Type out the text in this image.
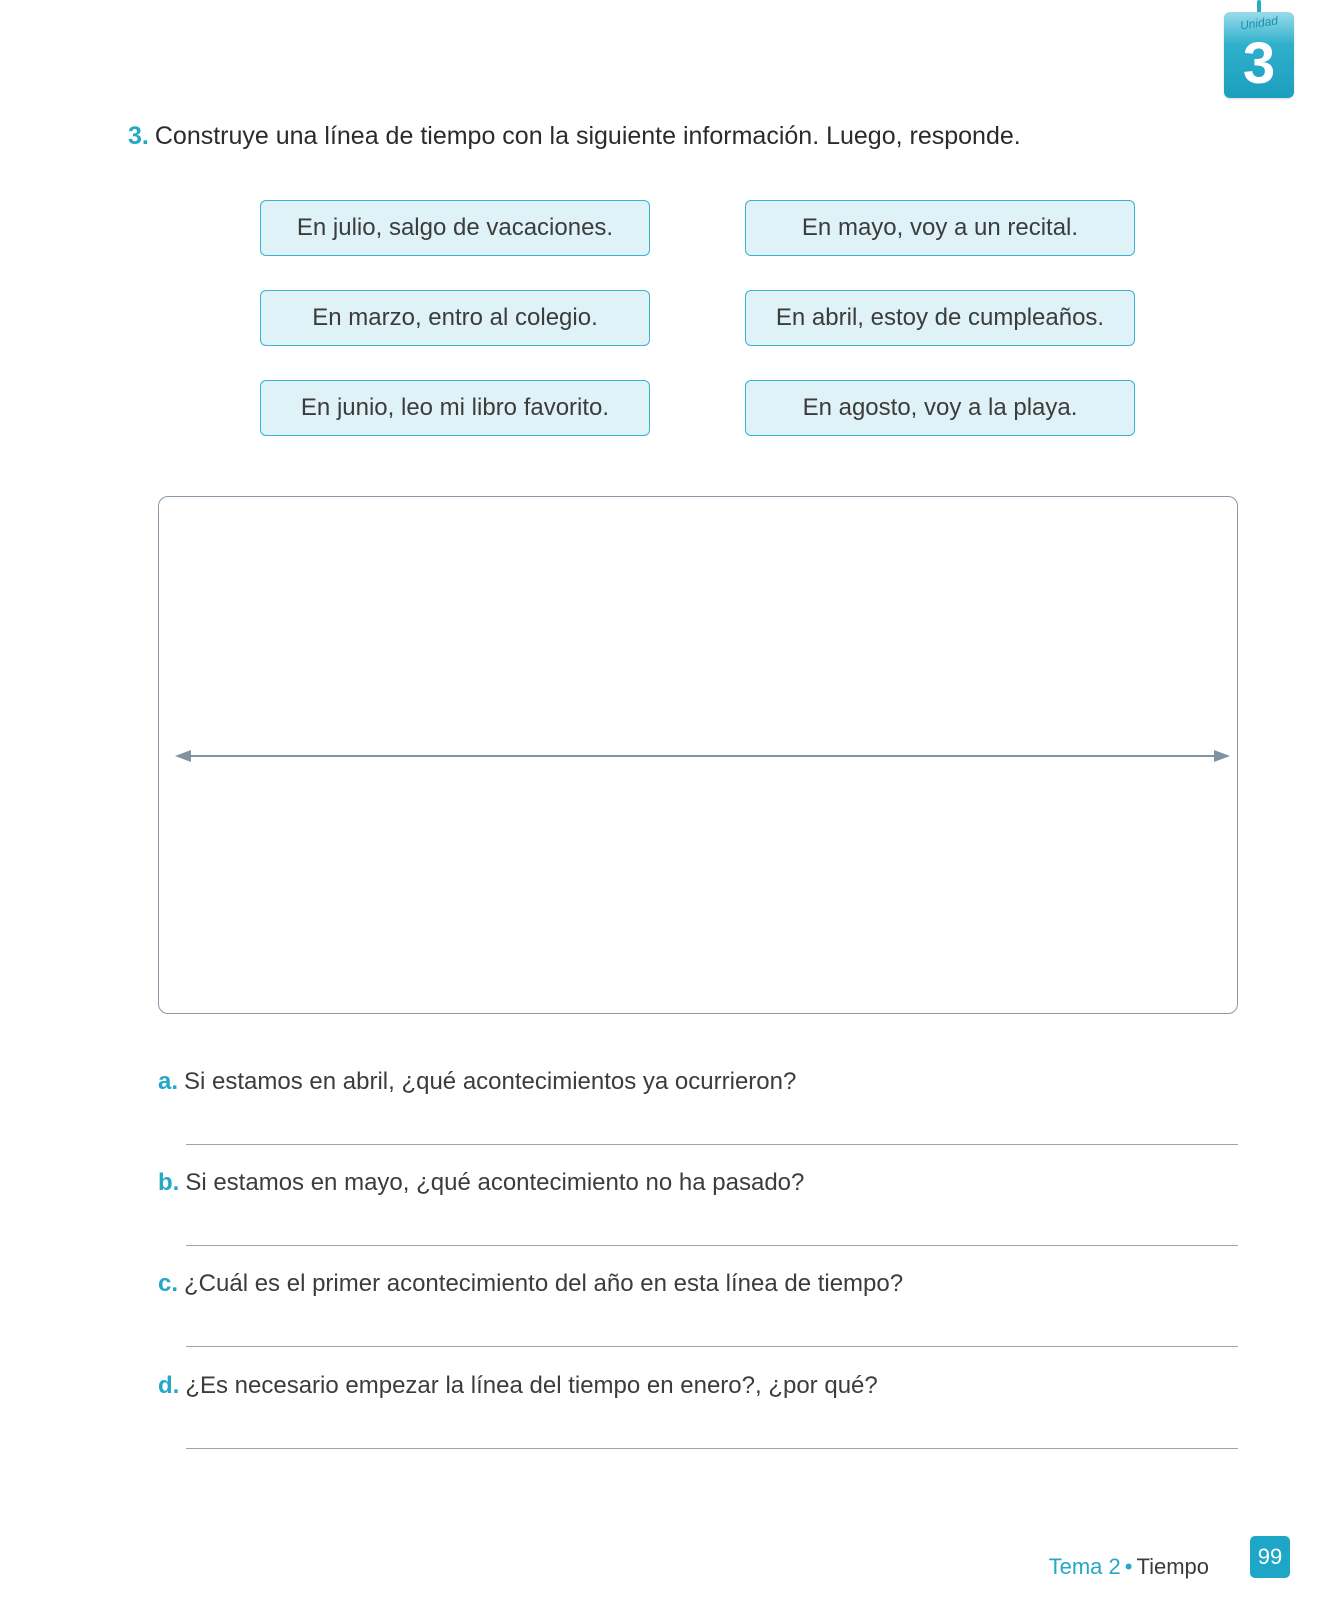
Unidad
3
3. Construye una línea de tiempo con la siguiente información. Luego, responde.
En julio, salgo de vacaciones.	En mayo, voy a un recital.
En marzo, entro al colegio.	En abril, estoy de cumpleaños.
En junio, leo mi libro favorito.	En agosto, voy a la playa.
a. Si estamos en abril, ¿qué acontecimientos ya ocurrieron?
b. Si estamos en mayo, ¿qué acontecimiento no ha pasado?
c. ¿Cuál es el primer acontecimiento del año en esta línea de tiempo?
d. ¿Es necesario empezar la línea del tiempo en enero?, ¿por qué?
Tema 2 • Tiempo	99
